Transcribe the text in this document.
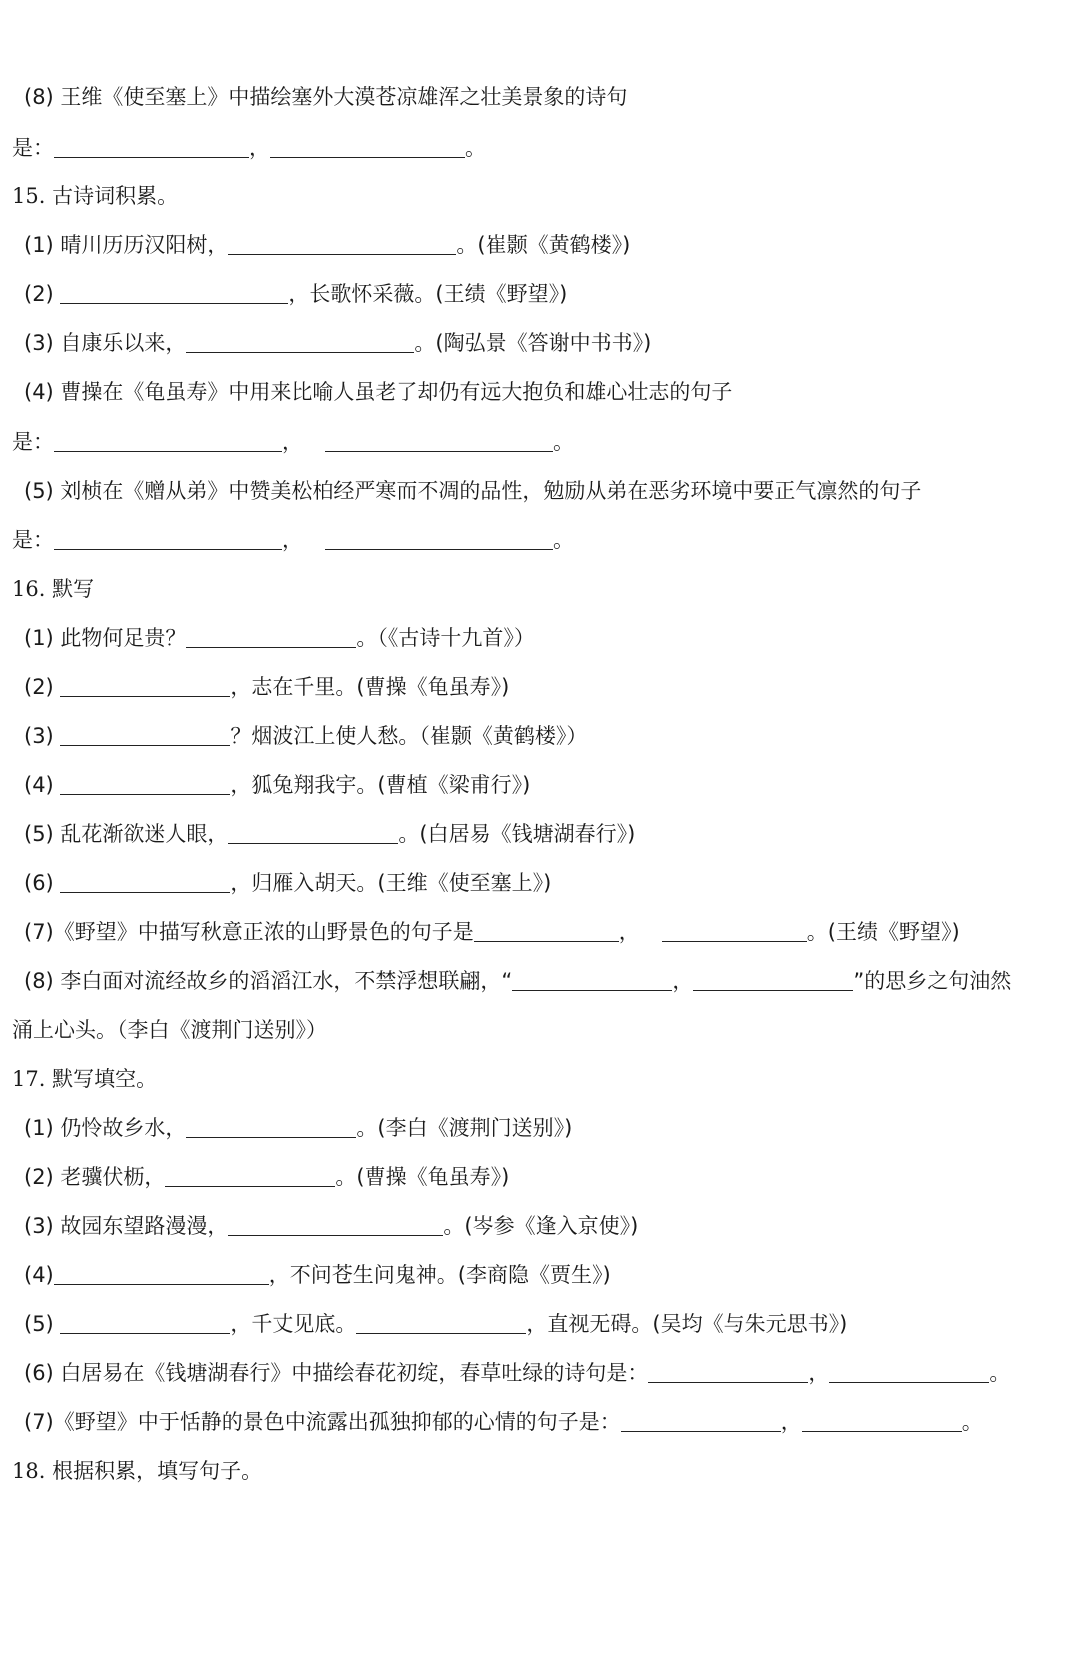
(8) 王维《使至塞上》中描绘塞外大漠苍凉雄浑之壮美景象的诗句
是：	，	。
15. 古诗词积累。
(1) 晴川历历汉阳树，	。(崔颢《黄鹤楼》)
(2)	，长歌怀采薇。(王绩《野望》)
(3) 自康乐以来，	。(陶弘景《答谢中书书》)
(4) 曹操在《龟虽寿》中用来比喻人虽老了却仍有远大抱负和雄心壮志的句子
是：	，	。
(5) 刘桢在《赠从弟》中赞美松柏经严寒而不凋的品性，勉励从弟在恶劣环境中要正气凛然的句子
是：	，	。
16. 默写
(1) 此物何足贵？	。（《古诗十九首》）
(2)	，志在千里。(曹操《龟虽寿》)
(3)	？烟波江上使人愁。（崔颢《黄鹤楼》）
(4)	，狐兔翔我宇。(曹植《梁甫行》)
(5) 乱花渐欲迷人眼，	。(白居易《钱塘湖春行》)
(6)	，归雁入胡天。(王维《使至塞上》)
(7)《野望》中描写秋意正浓的山野景色的句子是	，	。(王绩《野望》)
(8) 李白面对流经故乡的滔滔江水，不禁浮想联翩，“	，	”的思乡之句油然
涌上心头。（李白《渡荆门送别》）
17. 默写填空。
(1) 仍怜故乡水，	。(李白《渡荆门送别》)
(2) 老骥伏枥，	。(曹操《龟虽寿》)
(3) 故园东望路漫漫，	。(岑参《逢入京使》)
(4)	，不问苍生问鬼神。(李商隐《贾生》)
(5)	，千丈见底。	，直视无碍。(吴均《与朱元思书》)
(6) 白居易在《钱塘湖春行》中描绘春花初绽，春草吐绿的诗句是：	，	。
(7)《野望》中于恬静的景色中流露出孤独抑郁的心情的句子是：	，	。
18. 根据积累，填写句子。
